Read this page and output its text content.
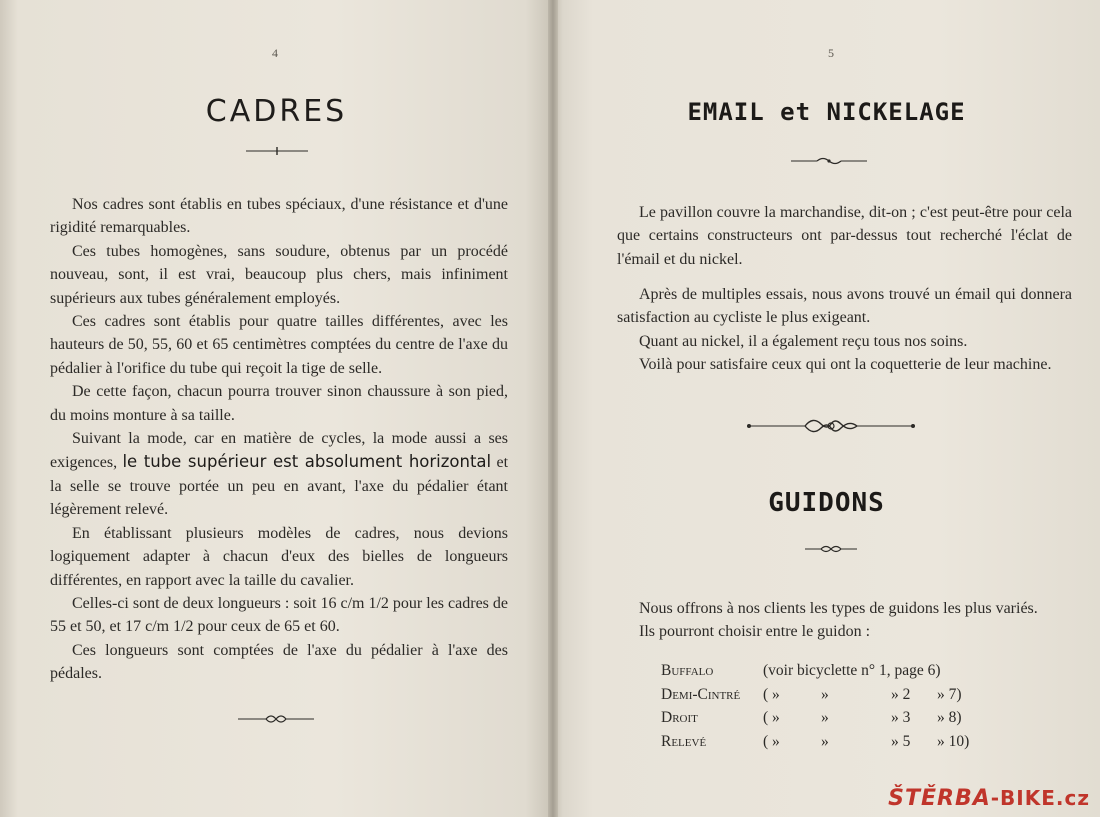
4
CADRES

Nos cadres sont établis en tubes spéciaux, d'une résistance et d'une rigidité remarquables.

Ces tubes homogènes, sans soudure, obtenus par un procédé nouveau, sont, il est vrai, beaucoup plus chers, mais infiniment supérieurs aux tubes généralement employés.

Ces cadres sont établis pour quatre tailles différentes, avec les hauteurs de 50, 55, 60 et 65 centimètres comptées du centre de l'axe du pédalier à l'orifice du tube qui reçoit la tige de selle.

De cette façon, chacun pourra trouver sinon chaussure à son pied, du moins monture à sa taille.

Suivant la mode, car en matière de cycles, la mode aussi a ses exigences, le tube supérieur est absolument horizontal et la selle se trouve portée un peu en avant, l'axe du pédalier étant légèrement relevé.

En établissant plusieurs modèles de cadres, nous devions logiquement adapter à chacun d'eux des bielles de longueurs différentes, en rapport avec la taille du cavalier.

Celles-ci sont de deux longueurs : soit 16 c/m 1/2 pour les cadres de 55 et 50, et 17 c/m 1/2 pour ceux de 65 et 60.

Ces longueurs sont comptées de l'axe du pédalier à l'axe des pédales.

5
EMAIL et NICKELAGE

Le pavillon couvre la marchandise, dit-on ; c'est peut-être pour cela que certains constructeurs ont par-dessus tout recherché l'éclat de l'émail et du nickel.

Après de multiples essais, nous avons trouvé un émail qui donnera satisfaction au cycliste le plus exigeant.

Quant au nickel, il a également reçu tous nos soins.

Voilà pour satisfaire ceux qui ont la coquetterie de leur machine.

GUIDONS

Nous offrons à nos clients les types de guidons les plus variés.

Ils pourront choisir entre le guidon :

Buffalo	(voir bicyclette n° 1, page 6)
Demi-Cintré	( »	»	» 2	» 7)
Droit	( »	»	» 3	» 8)
Relevé	( »	»	» 5	» 10)
ŠTĚRBA-BIKE.cz
